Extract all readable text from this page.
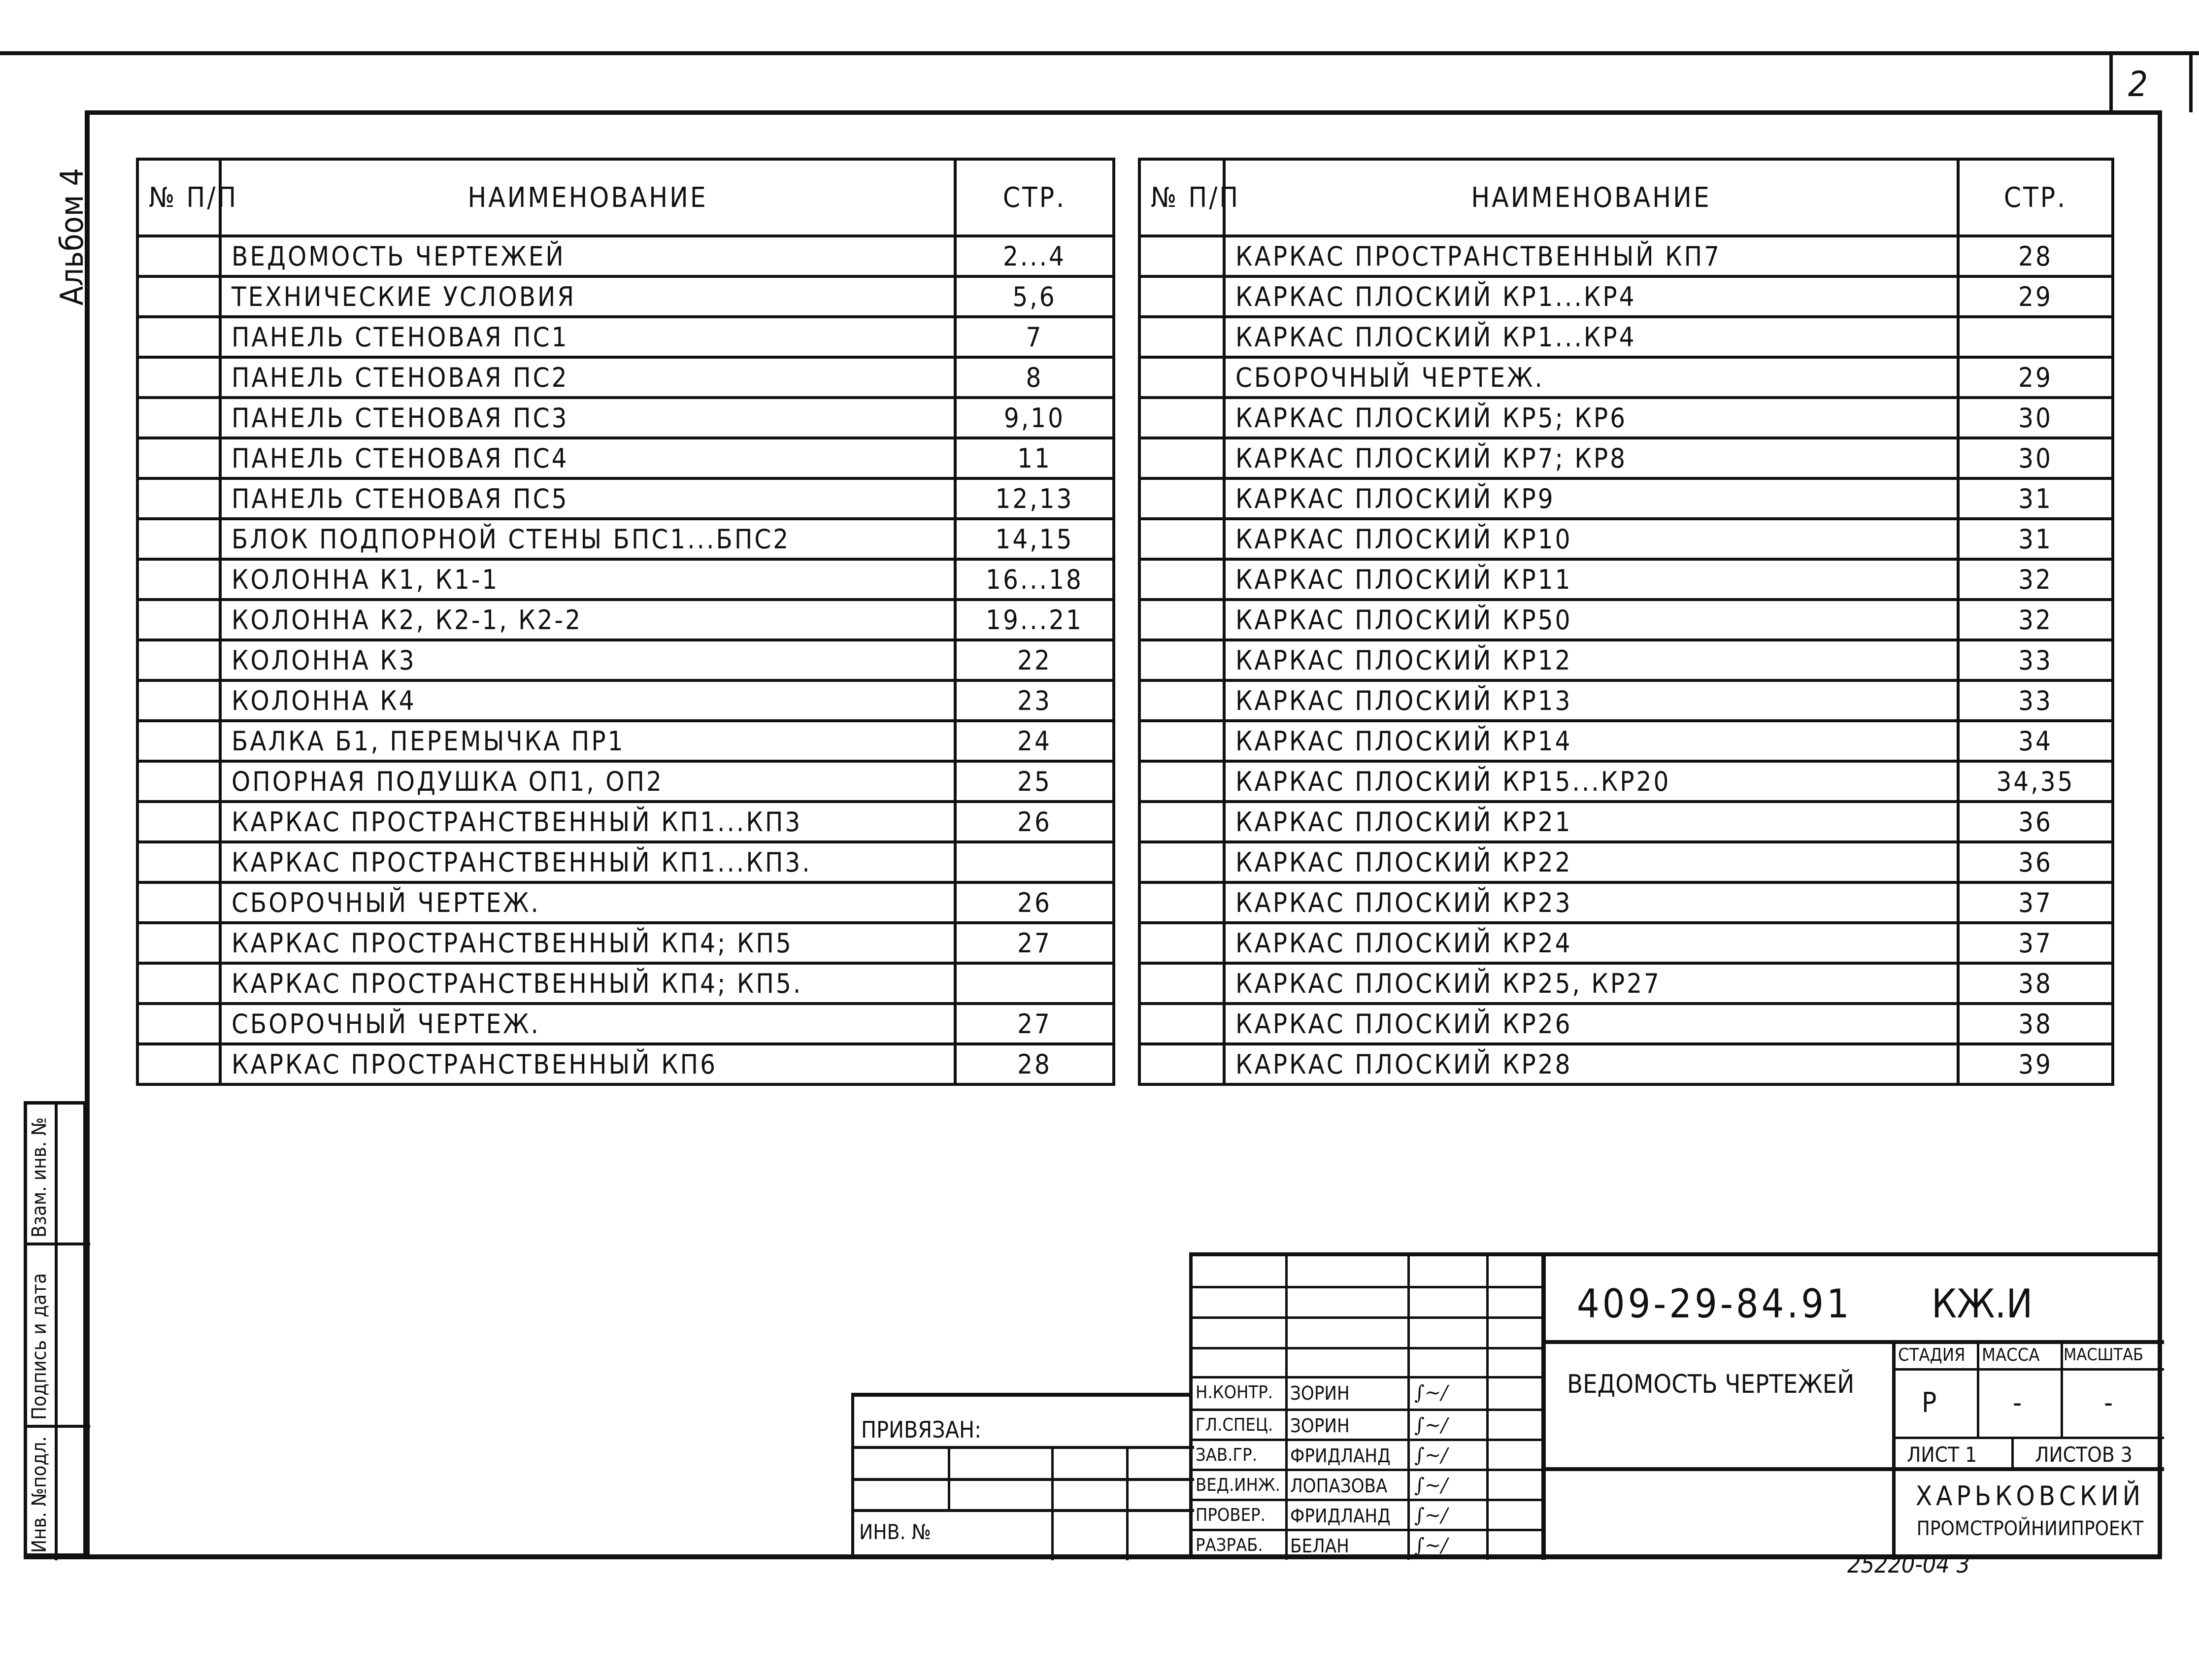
2
Альбом 4
Взам. инв. №
Подпись и дата
Инв. №подл.
№ П/П	НАИМЕНОВАНИЕ	СТР.
	ВЕДОМОСТЬ ЧЕРТЕЖЕЙ	2...4
	ТЕХНИЧЕСКИЕ УСЛОВИЯ	5,6
	ПАНЕЛЬ СТЕНОВАЯ ПС1	7
	ПАНЕЛЬ СТЕНОВАЯ ПС2	8
	ПАНЕЛЬ СТЕНОВАЯ ПС3	9,10
	ПАНЕЛЬ СТЕНОВАЯ ПС4	11
	ПАНЕЛЬ СТЕНОВАЯ ПС5	12,13
	БЛОК ПОДПОРНОЙ СТЕНЫ БПС1...БПС2	14,15
	КОЛОННА К1, К1-1	16...18
	КОЛОННА К2, К2-1, К2-2	19...21
	КОЛОННА К3	22
	КОЛОННА К4	23
	БАЛКА Б1, ПЕРЕМЫЧКА ПР1	24
	ОПОРНАЯ ПОДУШКА ОП1, ОП2	25
	КАРКАС ПРОСТРАНСТВЕННЫЙ КП1...КП3	26
	КАРКАС ПРОСТРАНСТВЕННЫЙ КП1...КП3.	
	СБОРОЧНЫЙ ЧЕРТЕЖ.	26
	КАРКАС ПРОСТРАНСТВЕННЫЙ КП4; КП5	27
	КАРКАС ПРОСТРАНСТВЕННЫЙ КП4; КП5.	
	СБОРОЧНЫЙ ЧЕРТЕЖ.	27
	КАРКАС ПРОСТРАНСТВЕННЫЙ КП6	28
№ П/П	НАИМЕНОВАНИЕ	СТР.
	КАРКАС ПРОСТРАНСТВЕННЫЙ КП7	28
	КАРКАС ПЛОСКИЙ КР1...КР4	29
	КАРКАС ПЛОСКИЙ КР1...КР4	
	СБОРОЧНЫЙ ЧЕРТЕЖ.	29
	КАРКАС ПЛОСКИЙ КР5; КР6	30
	КАРКАС ПЛОСКИЙ КР7; КР8	30
	КАРКАС ПЛОСКИЙ КР9	31
	КАРКАС ПЛОСКИЙ КР10	31
	КАРКАС ПЛОСКИЙ КР11	32
	КАРКАС ПЛОСКИЙ КР50	32
	КАРКАС ПЛОСКИЙ КР12	33
	КАРКАС ПЛОСКИЙ КР13	33
	КАРКАС ПЛОСКИЙ КР14	34
	КАРКАС ПЛОСКИЙ КР15...КР20	34,35
	КАРКАС ПЛОСКИЙ КР21	36
	КАРКАС ПЛОСКИЙ КР22	36
	КАРКАС ПЛОСКИЙ КР23	37
	КАРКАС ПЛОСКИЙ КР24	37
	КАРКАС ПЛОСКИЙ КР25, КР27	38
	КАРКАС ПЛОСКИЙ КР26	38
	КАРКАС ПЛОСКИЙ КР28	39
ПРИВЯЗАН:
ИНВ. №
Н.КОНТР. ЗОРИН	∫∼∕
ГЛ.СПЕЦ. ЗОРИН	∫∼∕
ЗАВ.ГР. ФРИДЛАНД ∫∼∕
ВЕД.ИНЖ. ЛОПАЗОВА ∫∼∕
ПРОВЕР. ФРИДЛАНД ∫∼∕
РАЗРАБ. БЕЛАН	∫∼∕
409-29-84.91 КЖ.И
ВЕДОМОСТЬ ЧЕРТЕЖЕЙ
СТАДИЯ МАССА МАСШТАБ
Р	-	-
ЛИСТ 1	ЛИСТОВ 3
ХАРЬКОВСКИЙ
ПРОМСТРОЙНИИПРОЕКТ
25220-04 3
